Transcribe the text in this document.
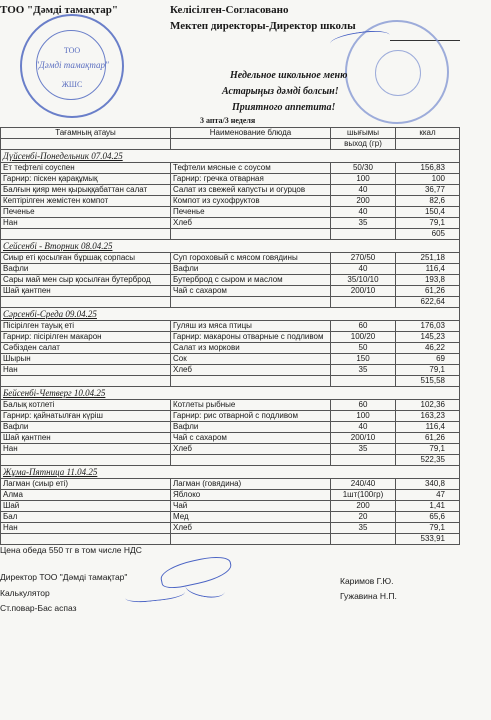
ТОО "Дәмді тамақтар"	Келісілген-Согласовано
Мектеп директоры-Директор школы
ТОО
"Дәмді тамақтар"
ЖШС
Недельное школьное меню
Астарыңыз дәмді болсын!
Приятного аппетита!
3 апта/3 неделя
Тағамның атауы	Наименование блюда	шығымы	ккал
		выход (гр)	
Дүйсенбі-Понедельник 07.04.25			
Ет тефтелі соуспен	Тефтели мясные с соусом	50/30	156,83
Гарнир: піскен қарақұмық	Гарнир: гречка отварная	100	100
Балғын қияр мен қырыққабаттан салат	Салат из свежей капусты и огурцов	40	36,77
Кептірілген жемістен компот	Компот из сухофруктов	200	82,6
Печенье	Печенье	40	150,4
Нан	Хлеб	35	79,1
			605
Сейсенбі - Вторник 08.04.25			
Сиыр еті қосылған бұршақ сорпасы	Суп гороховый с мясом говядины	270/50	251,18
Вафли	Вафли	40	116,4
Сары май мен сыр қосылған бутерброд	Бутерброд с сыром и маслом	35/10/10	193,8
Шай қантпен	Чай с сахаром	200/10	61,26
			622,64
Сәрсенбі-Среда 09.04.25			
Пісірілген тауық еті	Гуляш из мяса птицы	60	176,03
Гарнир: пісірілген макарон	Гарнир: макароны отварные с подливом	100/20	145,23
Сәбізден салат	Салат из моркови	50	46,22
Шырын	Сок	150	69
Нан	Хлеб	35	79,1
			515,58
Бейсенбі-Четверг 10.04.25			
Балық котлеті	Котлеты рыбные	60	102,36
Гарнир: қайнатылған күріш	Гарнир: рис отварной с подливом	100	163,23
Вафли	Вафли	40	116,4
Шай қантпен	Чай с сахаром	200/10	61,26
Нан	Хлеб	35	79,1
			522,35
Жұма-Пятница 11.04.25			
Лагман (сиыр еті)	Лагман (говядина)	240/40	340,8
Алма	Яблоко	1шт(100гр)	47
Шай	Чай	200	1,41
Бал	Мед	20	65,6
Нан	Хлеб	35	79,1
			533,91
Цена обеда 550 тг в том числе НДС
Директор ТОО "Дәмді тамақтар"	Каримов Г.Ю.
Калькулятор	Гужавина Н.П.
Ст.повар-Бас аспаз
